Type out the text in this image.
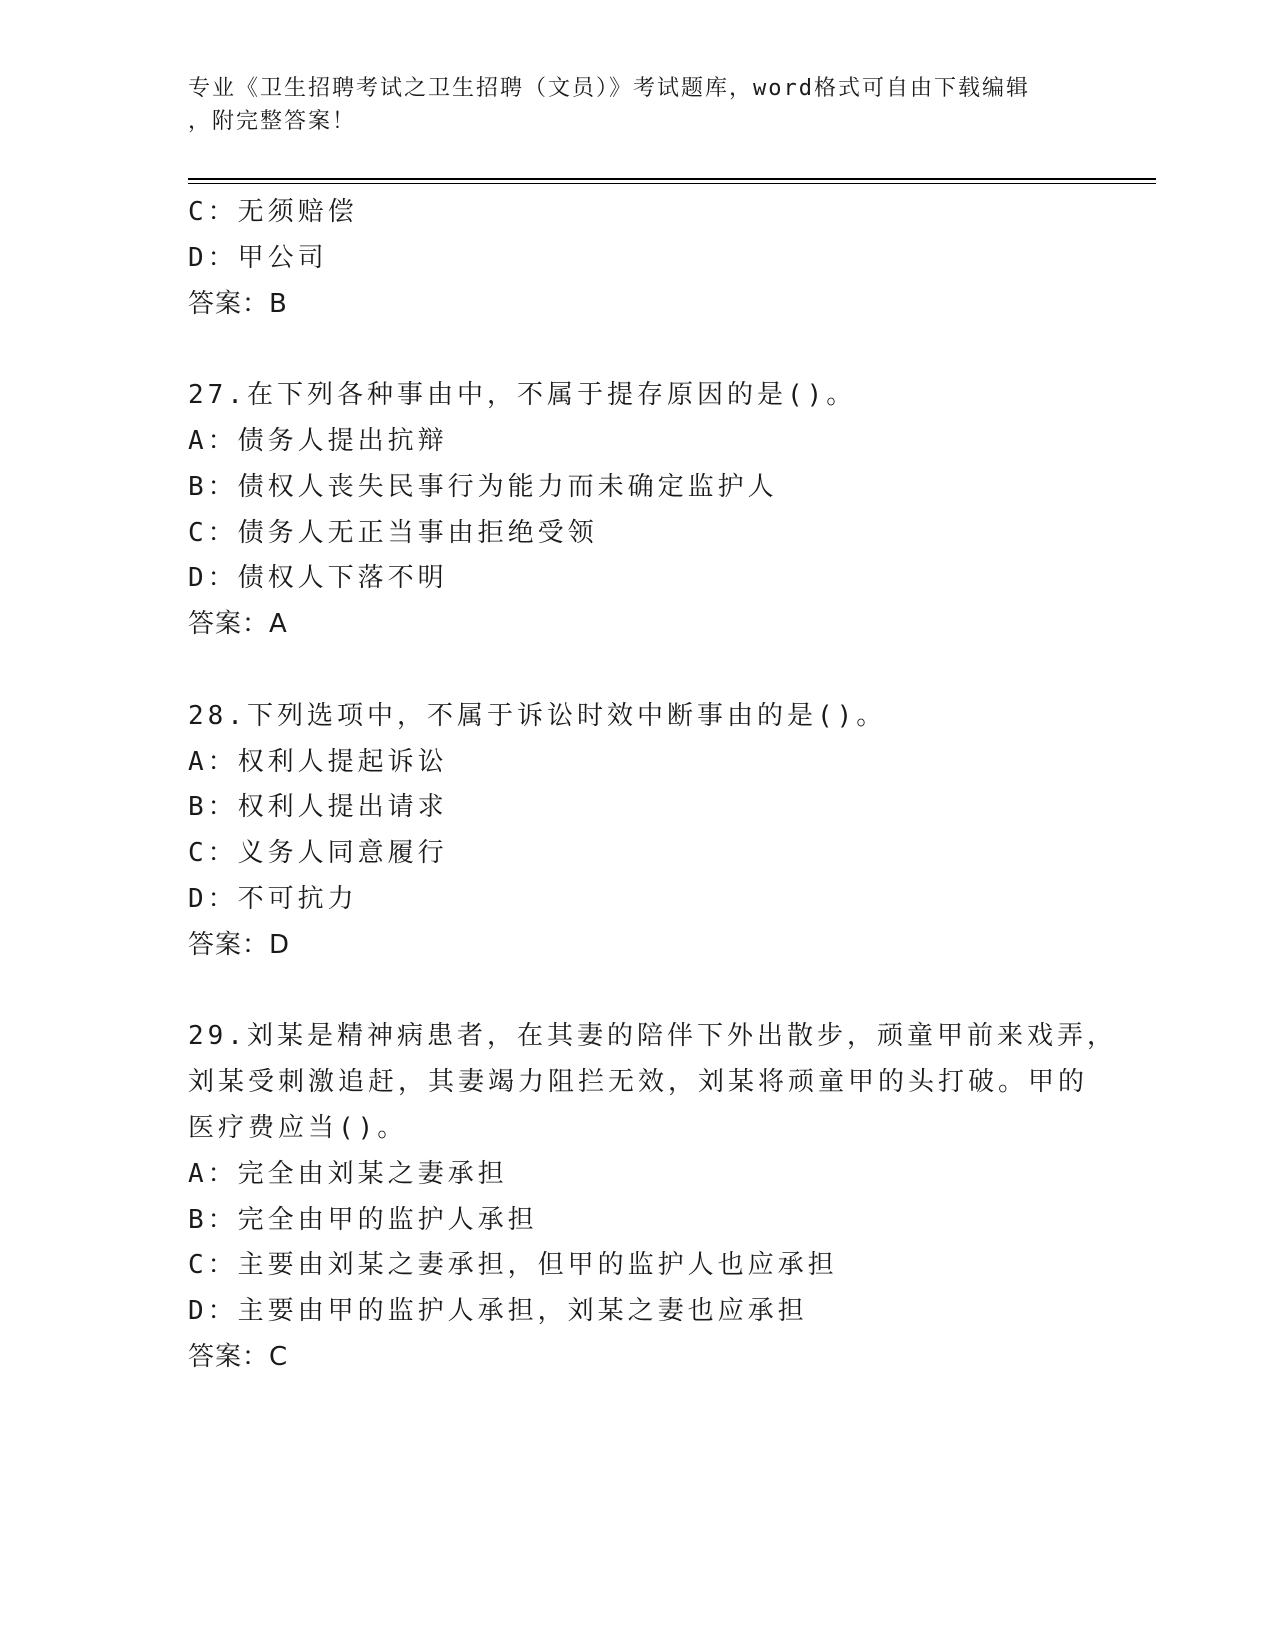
专业《卫生招聘考试之卫生招聘（文员）》考试题库，word格式可自由下载编辑
，附完整答案！
C：无须赔偿
D：甲公司
答案：B
27.在下列各种事由中，不属于提存原因的是()。
A：债务人提出抗辩
B：债权人丧失民事行为能力而未确定监护人
C：债务人无正当事由拒绝受领
D：债权人下落不明
答案：A
28.下列选项中，不属于诉讼时效中断事由的是()。
A：权利人提起诉讼
B：权利人提出请求
C：义务人同意履行
D：不可抗力
答案：D
29.刘某是精神病患者，在其妻的陪伴下外出散步，顽童甲前来戏弄，
刘某受刺激追赶，其妻竭力阻拦无效，刘某将顽童甲的头打破。甲的
医疗费应当()。
A：完全由刘某之妻承担
B：完全由甲的监护人承担
C：主要由刘某之妻承担，但甲的监护人也应承担
D：主要由甲的监护人承担，刘某之妻也应承担
答案：C
